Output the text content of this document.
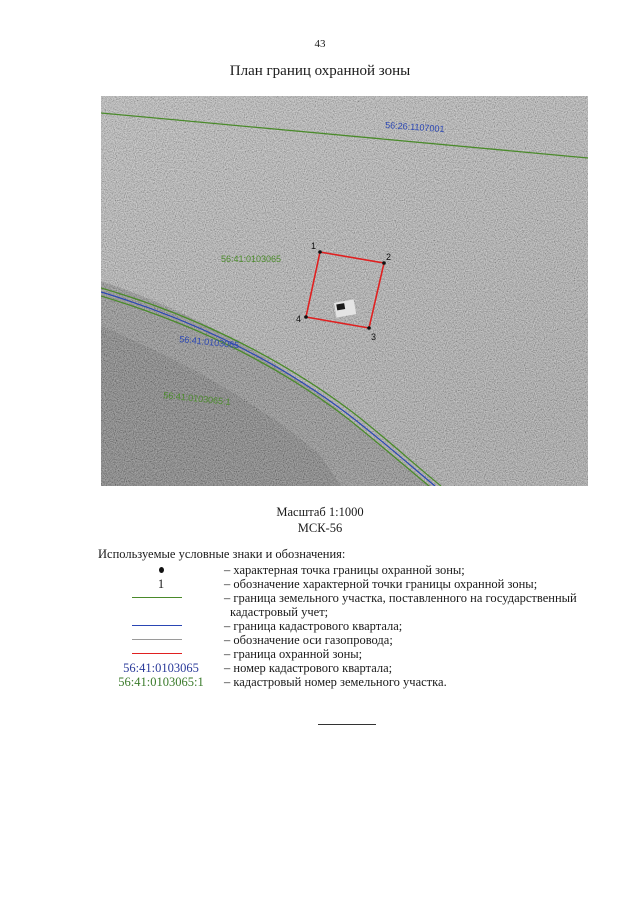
43
План границ охранной зоны
1
2
3
4
56:26:1107001
56:41:0103065
56:41:0103065
56:41:0103065:1
Масштаб 1:1000
МСК-56
Используемые условные знаки и обозначения:
– характерная точка границы охранной зоны;
1	– обозначение характерной точки границы охранной зоны;
– граница земельного участка, поставленного на государственный
кадастровый учет;
– граница кадастрового квартала;
– обозначение оси газопровода;
– граница охранной зоны;
56:41:0103065	– номер кадастрового квартала;
56:41:0103065:1	– кадастровый номер земельного участка.
